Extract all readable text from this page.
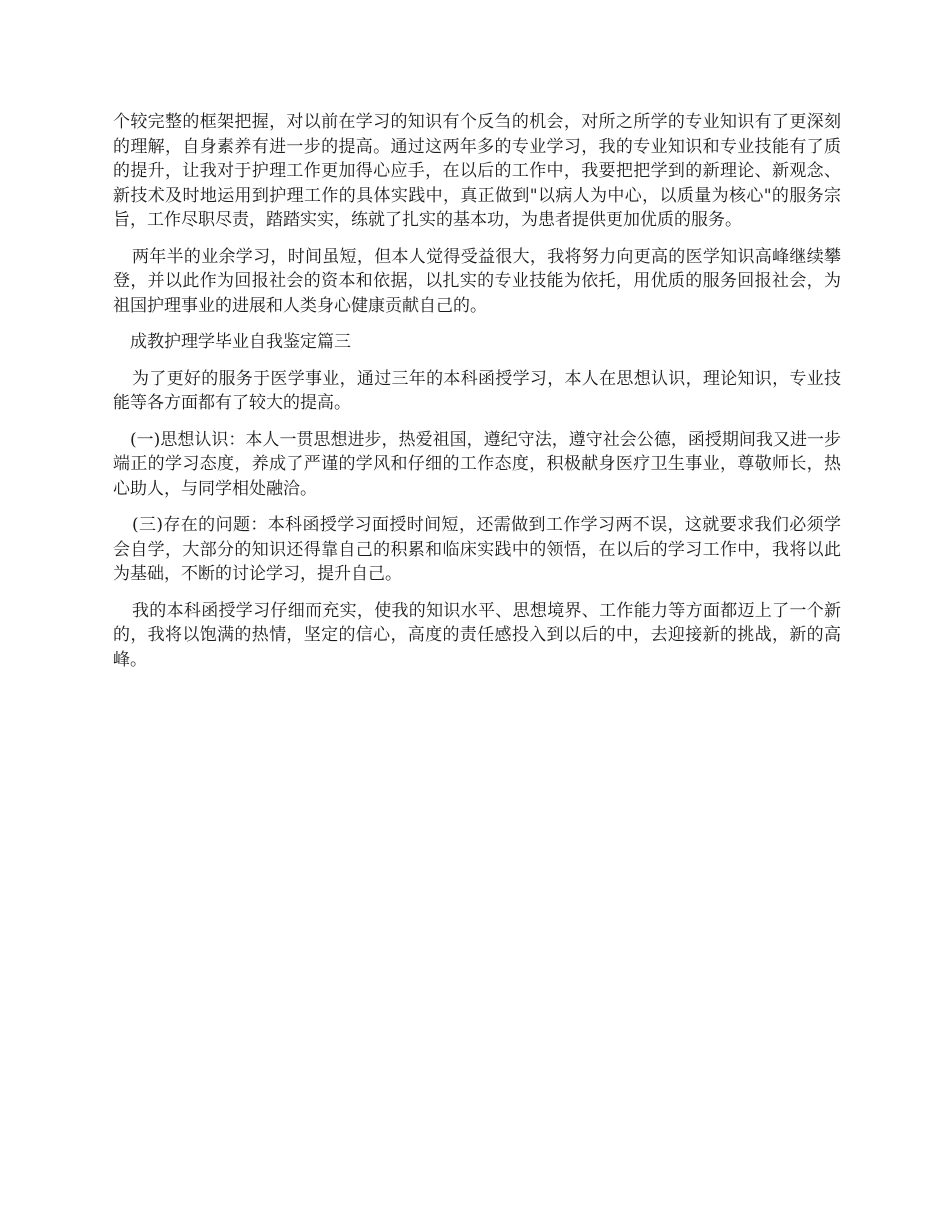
个较完整的框架把握，对以前在学习的知识有个反刍的机会，对所之所学的专业知识有了更深刻的理解，自身素养有进一步的提高。通过这两年多的专业学习，我的专业知识和专业技能有了质的提升，让我对于护理工作更加得心应手，在以后的工作中，我要把把学到的新理论、新观念、新技术及时地运用到护理工作的具体实践中，真正做到"以病人为中心，以质量为核心"的服务宗旨，工作尽职尽责，踏踏实实，练就了扎实的基本功，为患者提供更加优质的服务。

两年半的业余学习，时间虽短，但本人觉得受益很大，我将努力向更高的医学知识高峰继续攀登，并以此作为回报社会的资本和依据，以扎实的专业技能为依托，用优质的服务回报社会，为祖国护理事业的进展和人类身心健康贡献自己的。

成教护理学毕业自我鉴定篇三

为了更好的服务于医学事业，通过三年的本科函授学习，本人在思想认识，理论知识，专业技能等各方面都有了较大的提高。

(一)思想认识：本人一贯思想进步，热爱祖国，遵纪守法，遵守社会公德，函授期间我又进一步端正的学习态度，养成了严谨的学风和仔细的工作态度，积极献身医疗卫生事业，尊敬师长，热心助人，与同学相处融洽。

(三)存在的问题：本科函授学习面授时间短，还需做到工作学习两不误，这就要求我们必须学会自学，大部分的知识还得靠自己的积累和临床实践中的领悟，在以后的学习工作中，我将以此为基础，不断的讨论学习，提升自己。

我的本科函授学习仔细而充实，使我的知识水平、思想境界、工作能力等方面都迈上了一个新的，我将以饱满的热情，坚定的信心，高度的责任感投入到以后的中，去迎接新的挑战，新的高峰。
